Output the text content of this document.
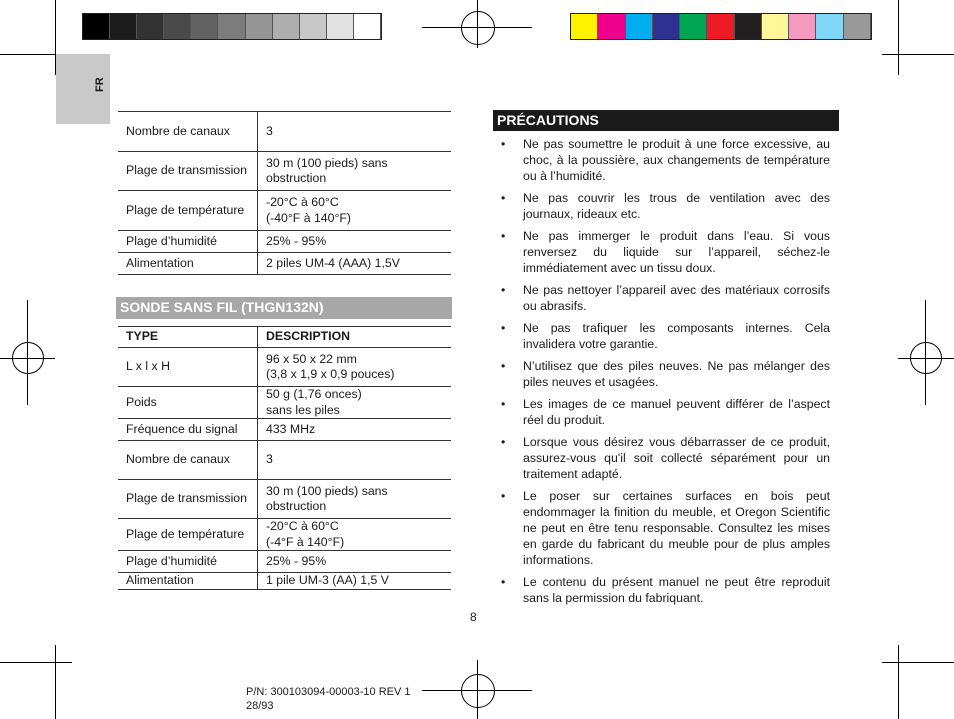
FR
Nombre de canaux	3
Plage de transmission	30 m (100 pieds) sans obstruction
Plage de température	-20°C à 60°C
(-40°F à 140°F)
Plage d’humidité	25% - 95%
Alimentation	2 piles UM-4 (AAA) 1,5V
SONDE SANS FIL (THGN132N)
TYPE	DESCRIPTION
L x l x H	96 x 50 x 22 mm
(3,8 x 1,9 x 0,9 pouces)
Poids	50 g (1,76 onces)
sans les piles
Fréquence du signal	433 MHz
Nombre de canaux	3
Plage de transmission	30 m (100 pieds) sans obstruction
Plage de température	-20°C à 60°C
(-4°F à 140°F)
Plage d’humidité	25% - 95%
Alimentation	1 pile UM-3 (AA) 1,5 V
PRÉCAUTIONS
• Ne pas soumettre le produit à une force excessive, au choc, à la poussière, aux changements de température ou à l’humidité.
• Ne pas couvrir les trous de ventilation avec des journaux, rideaux etc.
• Ne pas immerger le produit dans l’eau. Si vous renversez du liquide sur l’appareil, séchez-le immédiatement avec un tissu doux.
• Ne pas nettoyer l’appareil avec des matériaux corrosifs ou abrasifs.
• Ne pas trafiquer les composants internes. Cela invalidera votre garantie.
• N’utilisez que des piles neuves. Ne pas mélanger des piles neuves et usagées.
• Les images de ce manuel peuvent différer de l’aspect réel du produit.
• Lorsque vous désirez vous débarrasser de ce produit, assurez-vous qu'il soit collecté séparément pour un traitement adapté.
• Le poser sur certaines surfaces en bois peut endommager la finition du meuble, et Oregon Scientific ne peut en être tenu responsable. Consultez les mises en garde du fabricant du meuble pour de plus amples informations.
• Le contenu du présent manuel ne peut être reproduit sans la permission du fabriquant.
8
P/N: 300103094-00003-10 REV 1
28/93
